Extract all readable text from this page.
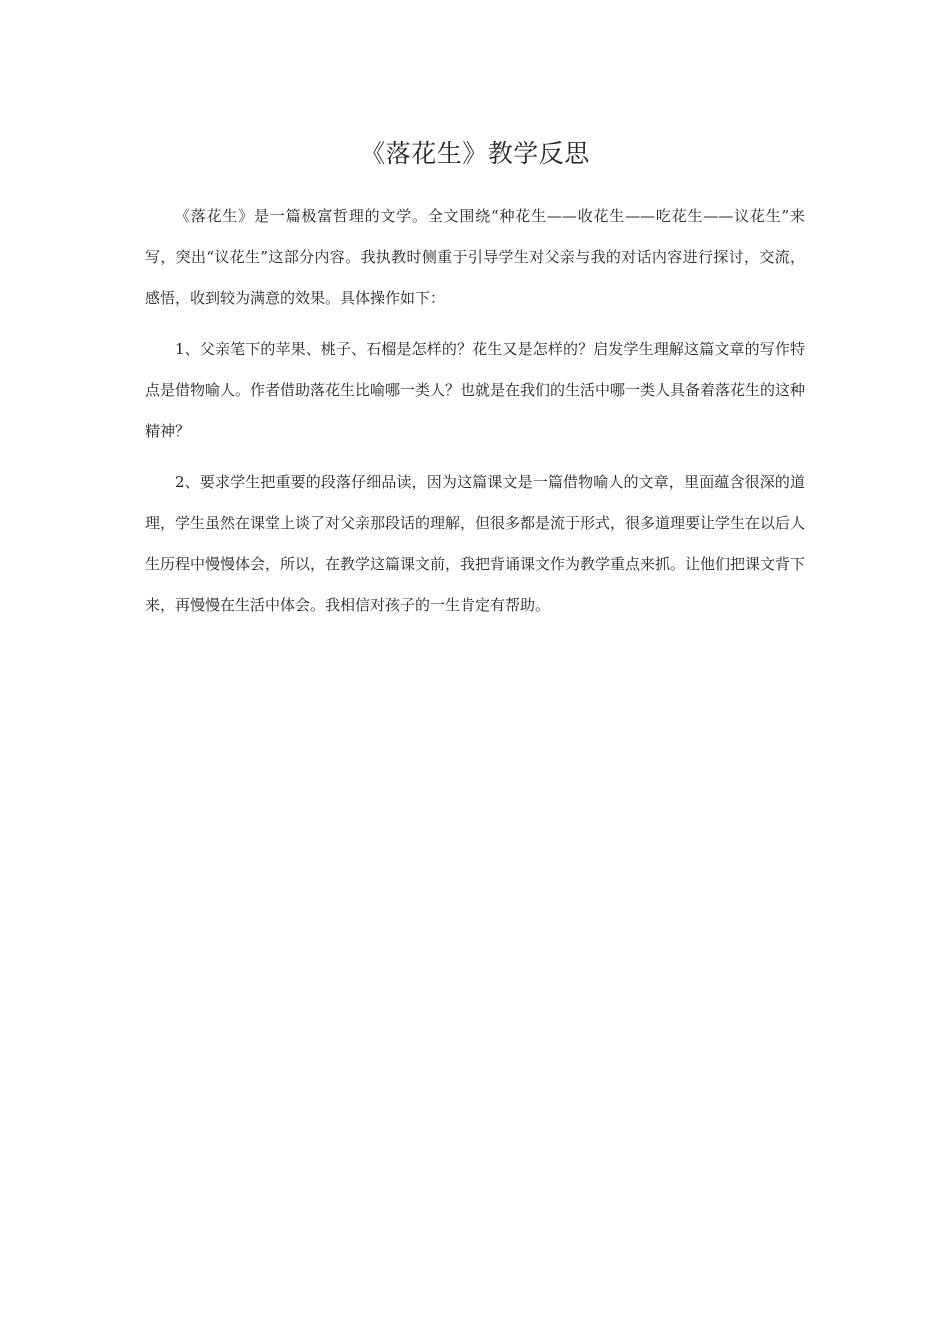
《落花生》教学反思

《落花生》是一篇极富哲理的文学。全文围绕“种花生——收花生——吃花生——议花生”来写，突出“议花生”这部分内容。我执教时侧重于引导学生对父亲与我的对话内容进行探讨，交流，感悟，收到较为满意的效果。具体操作如下：

1、父亲笔下的苹果、桃子、石榴是怎样的？花生又是怎样的？启发学生理解这篇文章的写作特点是借物喻人。作者借助落花生比喻哪一类人？也就是在我们的生活中哪一类人具备着落花生的这种精神？

2、要求学生把重要的段落仔细品读，因为这篇课文是一篇借物喻人的文章，里面蕴含很深的道理，学生虽然在课堂上谈了对父亲那段话的理解，但很多都是流于形式，很多道理要让学生在以后人生历程中慢慢体会，所以，在教学这篇课文前，我把背诵课文作为教学重点来抓。让他们把课文背下来，再慢慢在生活中体会。我相信对孩子的一生肯定有帮助。
